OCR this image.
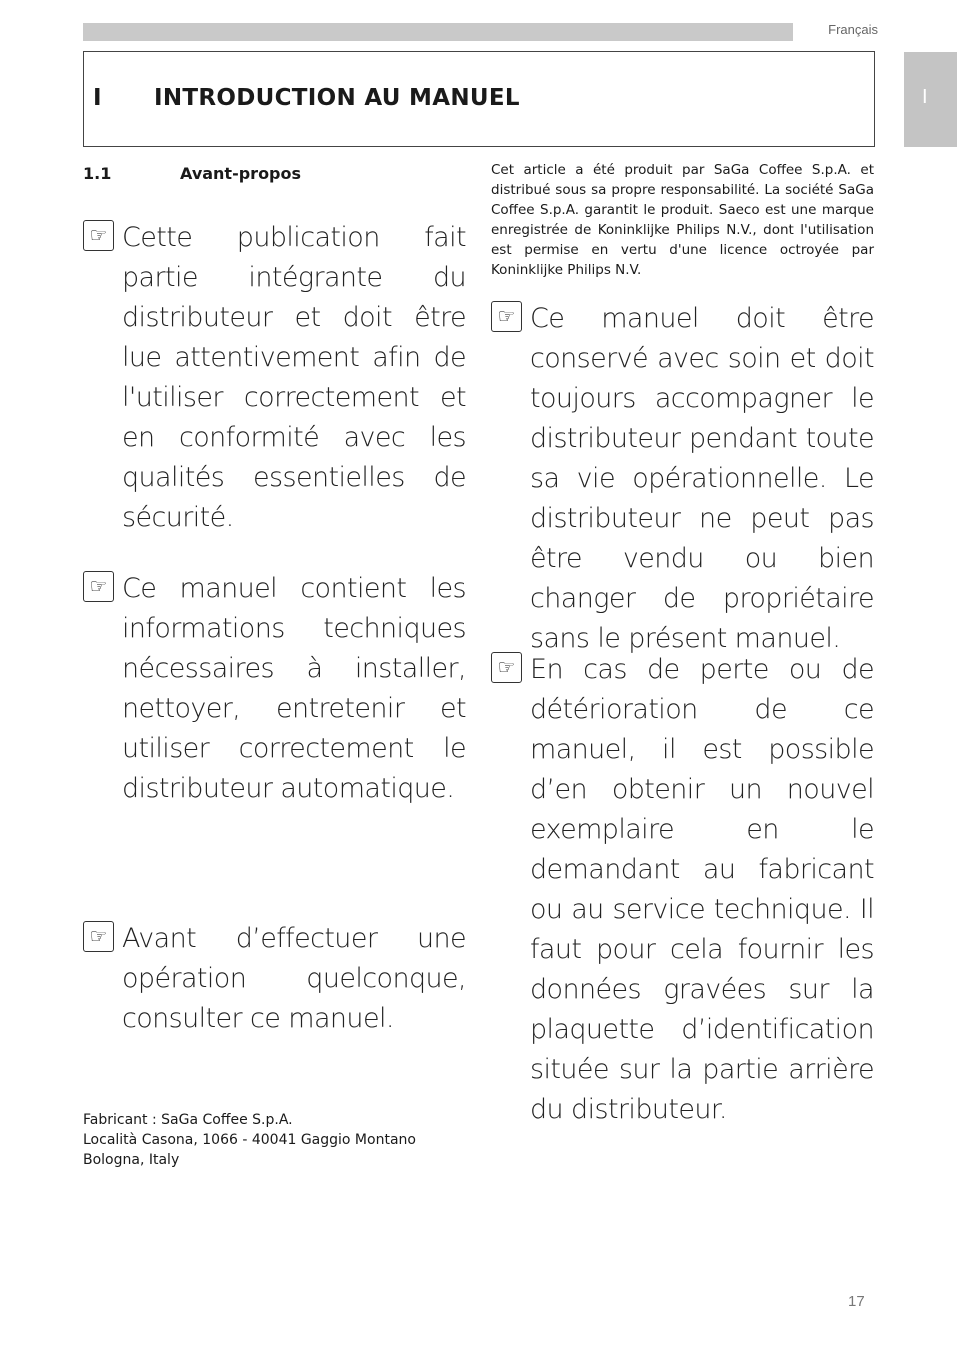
Français
I
I INTRODUCTION AU MANUEL
1.1	Avant-propos
☞ Cette publication fait partie intégrante du distributeur et doit être lue attentivement afin de l'utiliser correctement et en conformité avec les qualités essentielles de sécurité.
☞ Ce manuel contient les informations techniques nécessaires à installer, nettoyer, entretenir et utiliser correctement le distributeur automatique.
☞ Avant d’effectuer une opération quelconque, consulter ce manuel.
Cet article a été produit par SaGa Coffee S.p.A. et distribué sous sa propre responsabilité. La société SaGa Coffee S.p.A. garantit le produit. Saeco est une marque enregistrée de Koninklijke Philips N.V., dont l'utilisation est permise en vertu d'une licence octroyée par Koninklijke Philips N.V.
☞ Ce manuel doit être conservé avec soin et doit toujours accompagner le distributeur pendant toute sa vie opérationnelle. Le distributeur ne peut pas être vendu ou bien changer de propriétaire sans le présent manuel.
☞ En cas de perte ou de détérioration de ce manuel, il est possible d’en obtenir un nouvel exemplaire en le demandant au fabricant ou au service technique. Il faut pour cela fournir les données gravées sur la plaquette d’identification située sur la partie arrière du distributeur.
Fabricant : SaGa Coffee S.p.A.
Località Casona, 1066 - 40041 Gaggio Montano
Bologna, Italy
17
